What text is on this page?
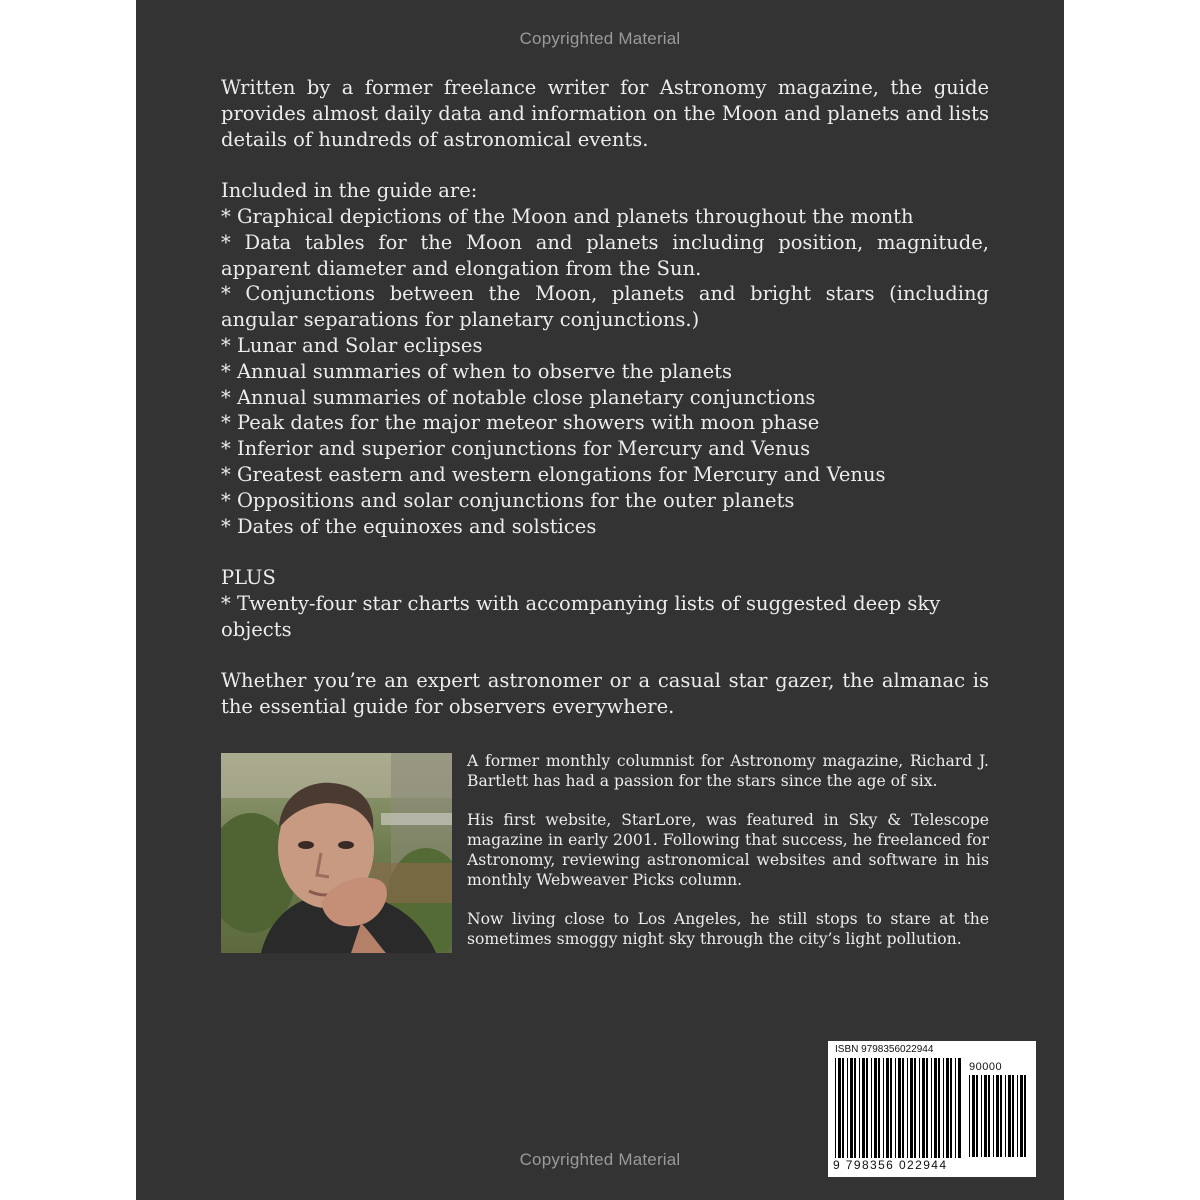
Copyrighted Material

Written by a former freelance writer for Astronomy magazine, the guide provides almost daily data and information on the Moon and planets and lists details of hundreds of astronomical events.

Included in the guide are:

* Graphical depictions of the Moon and planets throughout the month

* Data tables for the Moon and planets including position, magnitude, apparent diameter and elongation from the Sun.

* Conjunctions between the Moon, planets and bright stars (including angular separations for planetary conjunctions.)

* Lunar and Solar eclipses

* Annual summaries of when to observe the planets

* Annual summaries of notable close planetary conjunctions

* Peak dates for the major meteor showers with moon phase

* Inferior and superior conjunctions for Mercury and Venus

* Greatest eastern and western elongations for Mercury and Venus

* Oppositions and solar conjunctions for the outer planets

* Dates of the equinoxes and solstices

PLUS

* Twenty-four star charts with accompanying lists of suggested deep sky objects

Whether you’re an expert astronomer or a casual star gazer, the almanac is the essential guide for observers everywhere.

A former monthly columnist for Astronomy magazine, Richard J. Bartlett has had a passion for the stars since the age of six.

His first website, StarLore, was featured in Sky & Telescope magazine in early 2001. Following that success, he freelanced for Astronomy, reviewing astronomical websites and software in his monthly Webweaver Picks column.

Now living close to Los Angeles, he still stops to stare at the sometimes smoggy night sky through the city’s light pollution.

ISBN 9798356022944
90000
9 798356 022944
Copyrighted Material
